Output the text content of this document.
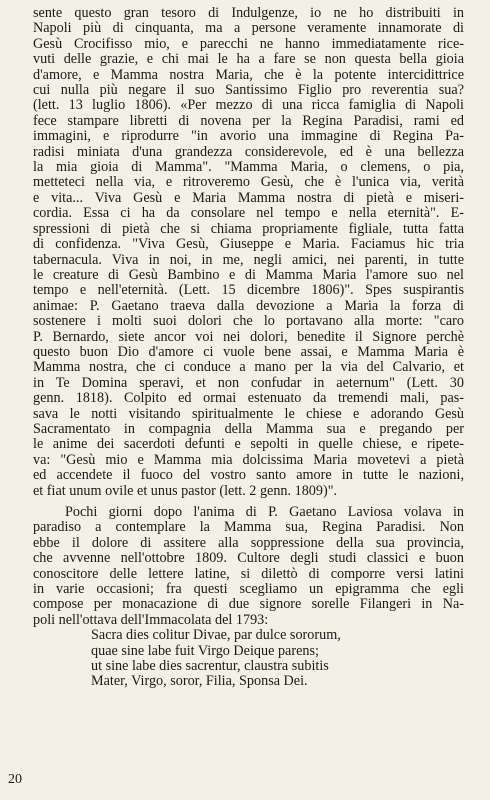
sente questo gran tesoro di Indulgenze, io ne ho distribuiti in
Napoli più di cinquanta, ma a persone veramente innamorate di
Gesù Crocifisso mio, e parecchi ne hanno immediatamente rice-
vuti delle grazie, e chi mai le ha a fare se non questa bella gioia
d'amore, e Mamma nostra Maria, che è la potente intercidittrice
cui nulla più negare il suo Santissimo Figlio pro reverentia sua?
(lett. 13 luglio 1806). «Per mezzo di una ricca famiglia di Napoli
fece stampare libretti di novena per la Regina Paradisi, rami ed
immagini, e riprodurre "in avorio una immagine di Regina Pa-
radisi miniata d'una grandezza considerevole, ed è una bellezza
la mia gioia di Mamma". "Mamma Maria, o clemens, o pia,
metteteci nella via, e ritroveremo Gesù, che è l'unica via, verità
e vita... Viva Gesù e Maria Mamma nostra di pietà e miseri-
cordia. Essa ci ha da consolare nel tempo e nella eternità". E-
spressioni di pietà che si chiama propriamente figliale, tutta fatta
di confidenza. "Viva Gesù, Giuseppe e Maria. Faciamus hic tria
tabernacula. Viva in noi, in me, negli amici, nei parenti, in tutte
le creature di Gesù Bambino e di Mamma Maria l'amore suo nel
tempo e nell'eternità. (Lett. 15 dicembre 1806)". Spes suspirantis
animae: P. Gaetano traeva dalla devozione a Maria la forza di
sostenere i molti suoi dolori che lo portavano alla morte: "caro
P. Bernardo, siete ancor voi nei dolori, benedite il Signore perchè
questo buon Dio d'amore ci vuole bene assai, e Mamma Maria è
Mamma nostra, che ci conduce a mano per la via del Calvario, et
in Te Domina speravi, et non confudar in aeternum" (Lett. 30
genn. 1818). Colpito ed ormai estenuato da tremendi mali, pas-
sava le notti visitando spiritualmente le chiese e adorando Gesù
Sacramentato in compagnia della Mamma sua e pregando per
le anime dei sacerdoti defunti e sepolti in quelle chiese, e ripete-
va: "Gesù mio e Mamma mia dolcissima Maria movetevi a pietà
ed accendete il fuoco del vostro santo amore in tutte le nazioni,
et fiat unum ovile et unus pastor (lett. 2 genn. 1809)".
Pochi giorni dopo l'anima di P. Gaetano Laviosa volava in
paradiso a contemplare la Mamma sua, Regina Paradisi. Non
ebbe il dolore di assitere alla soppressione della sua provincia,
che avvenne nell'ottobre 1809. Cultore degli studi classici e buon
conoscitore delle lettere latine, si dilettò di comporre versi latini
in varie occasioni; fra questi scegliamo un epigramma che egli
compose per monacazione di due signore sorelle Filangeri in Na-
poli nell'ottava dell'Immacolata del 1793:
Sacra dies colitur Divae, par dulce sororum,
quae sine labe fuit Virgo Deique parens;
ut sine labe dies sacrentur, claustra subitis
Mater, Virgo, soror, Filia, Sponsa Dei.
20
